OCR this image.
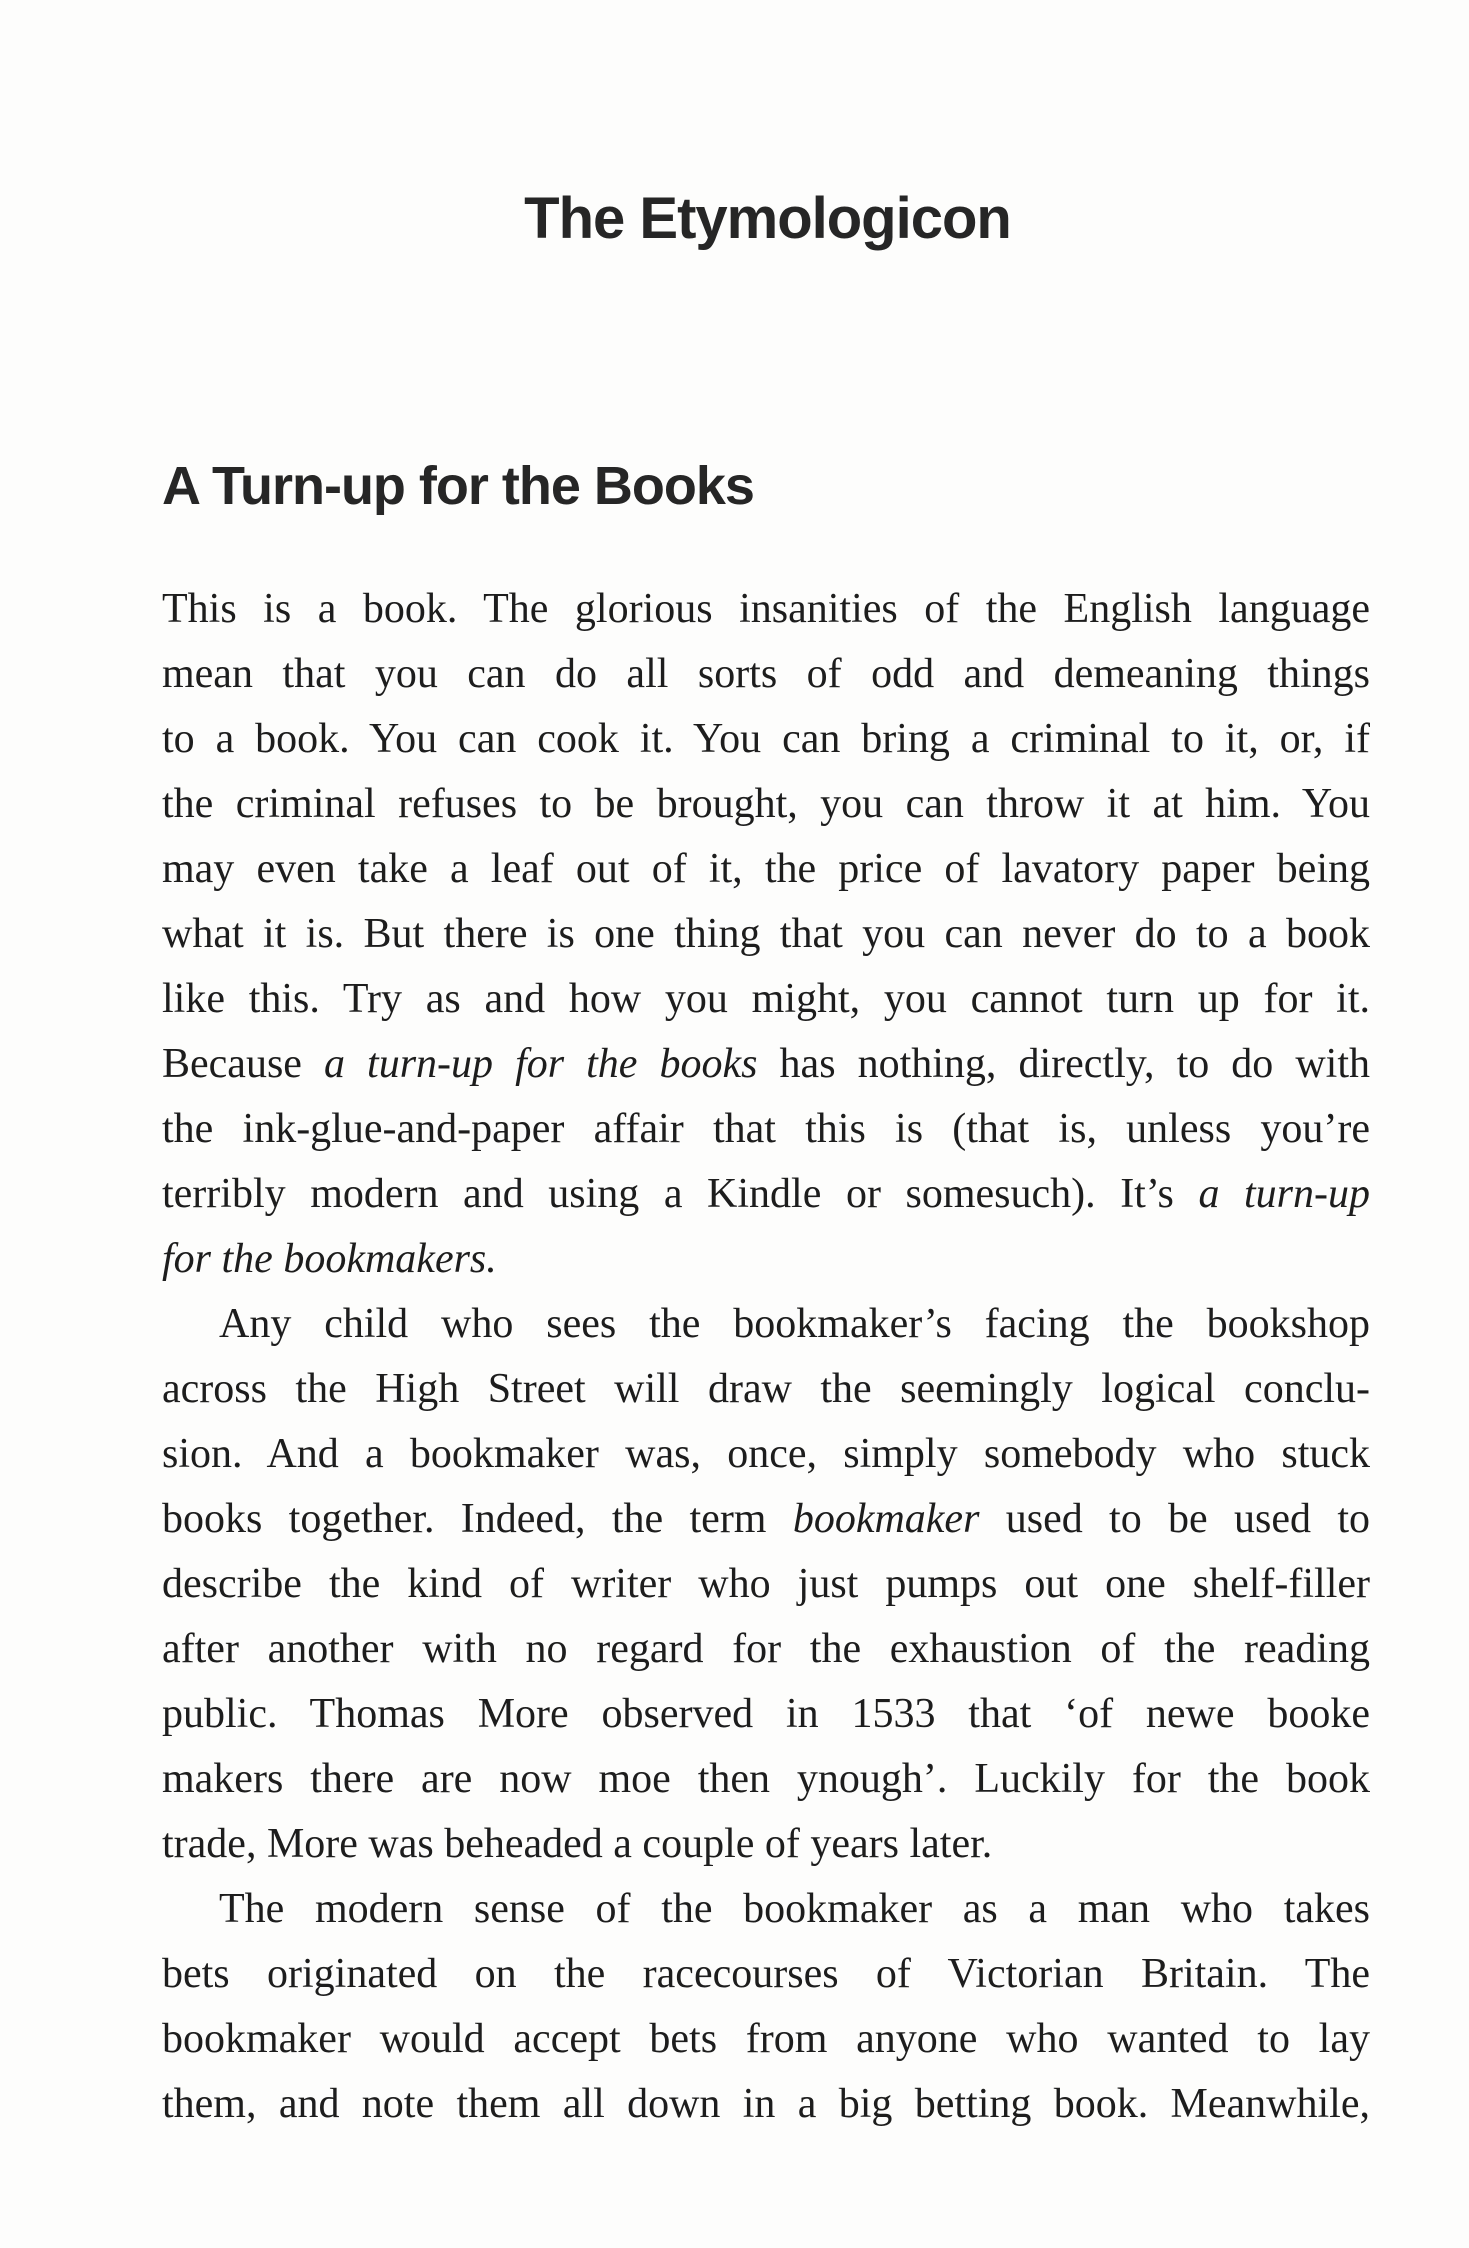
The Etymologicon
A Turn-up for the Books
This is a book. The glorious insanities of the English language
mean that you can do all sorts of odd and demeaning things
to a book. You can cook it. You can bring a criminal to it, or, if
the criminal refuses to be brought, you can throw it at him. You
may even take a leaf out of it, the price of lavatory paper being
what it is. But there is one thing that you can never do to a book
like this. Try as and how you might, you cannot turn up for it.
Because a turn-up for the books has nothing, directly, to do with
the ink-glue-and-paper affair that this is (that is, unless you’re
terribly modern and using a Kindle or somesuch). It’s a turn-up
for the bookmakers.
Any child who sees the bookmaker’s facing the bookshop
across the High Street will draw the seemingly logical conclu-
sion. And a bookmaker was, once, simply somebody who stuck
books together. Indeed, the term bookmaker used to be used to
describe the kind of writer who just pumps out one shelf-filler
after another with no regard for the exhaustion of the reading
public. Thomas More observed in 1533 that ‘of newe booke
makers there are now moe then ynough’. Luckily for the book
trade, More was beheaded a couple of years later.
The modern sense of the bookmaker as a man who takes
bets originated on the racecourses of Victorian Britain. The
bookmaker would accept bets from anyone who wanted to lay
them, and note them all down in a big betting book. Meanwhile,
